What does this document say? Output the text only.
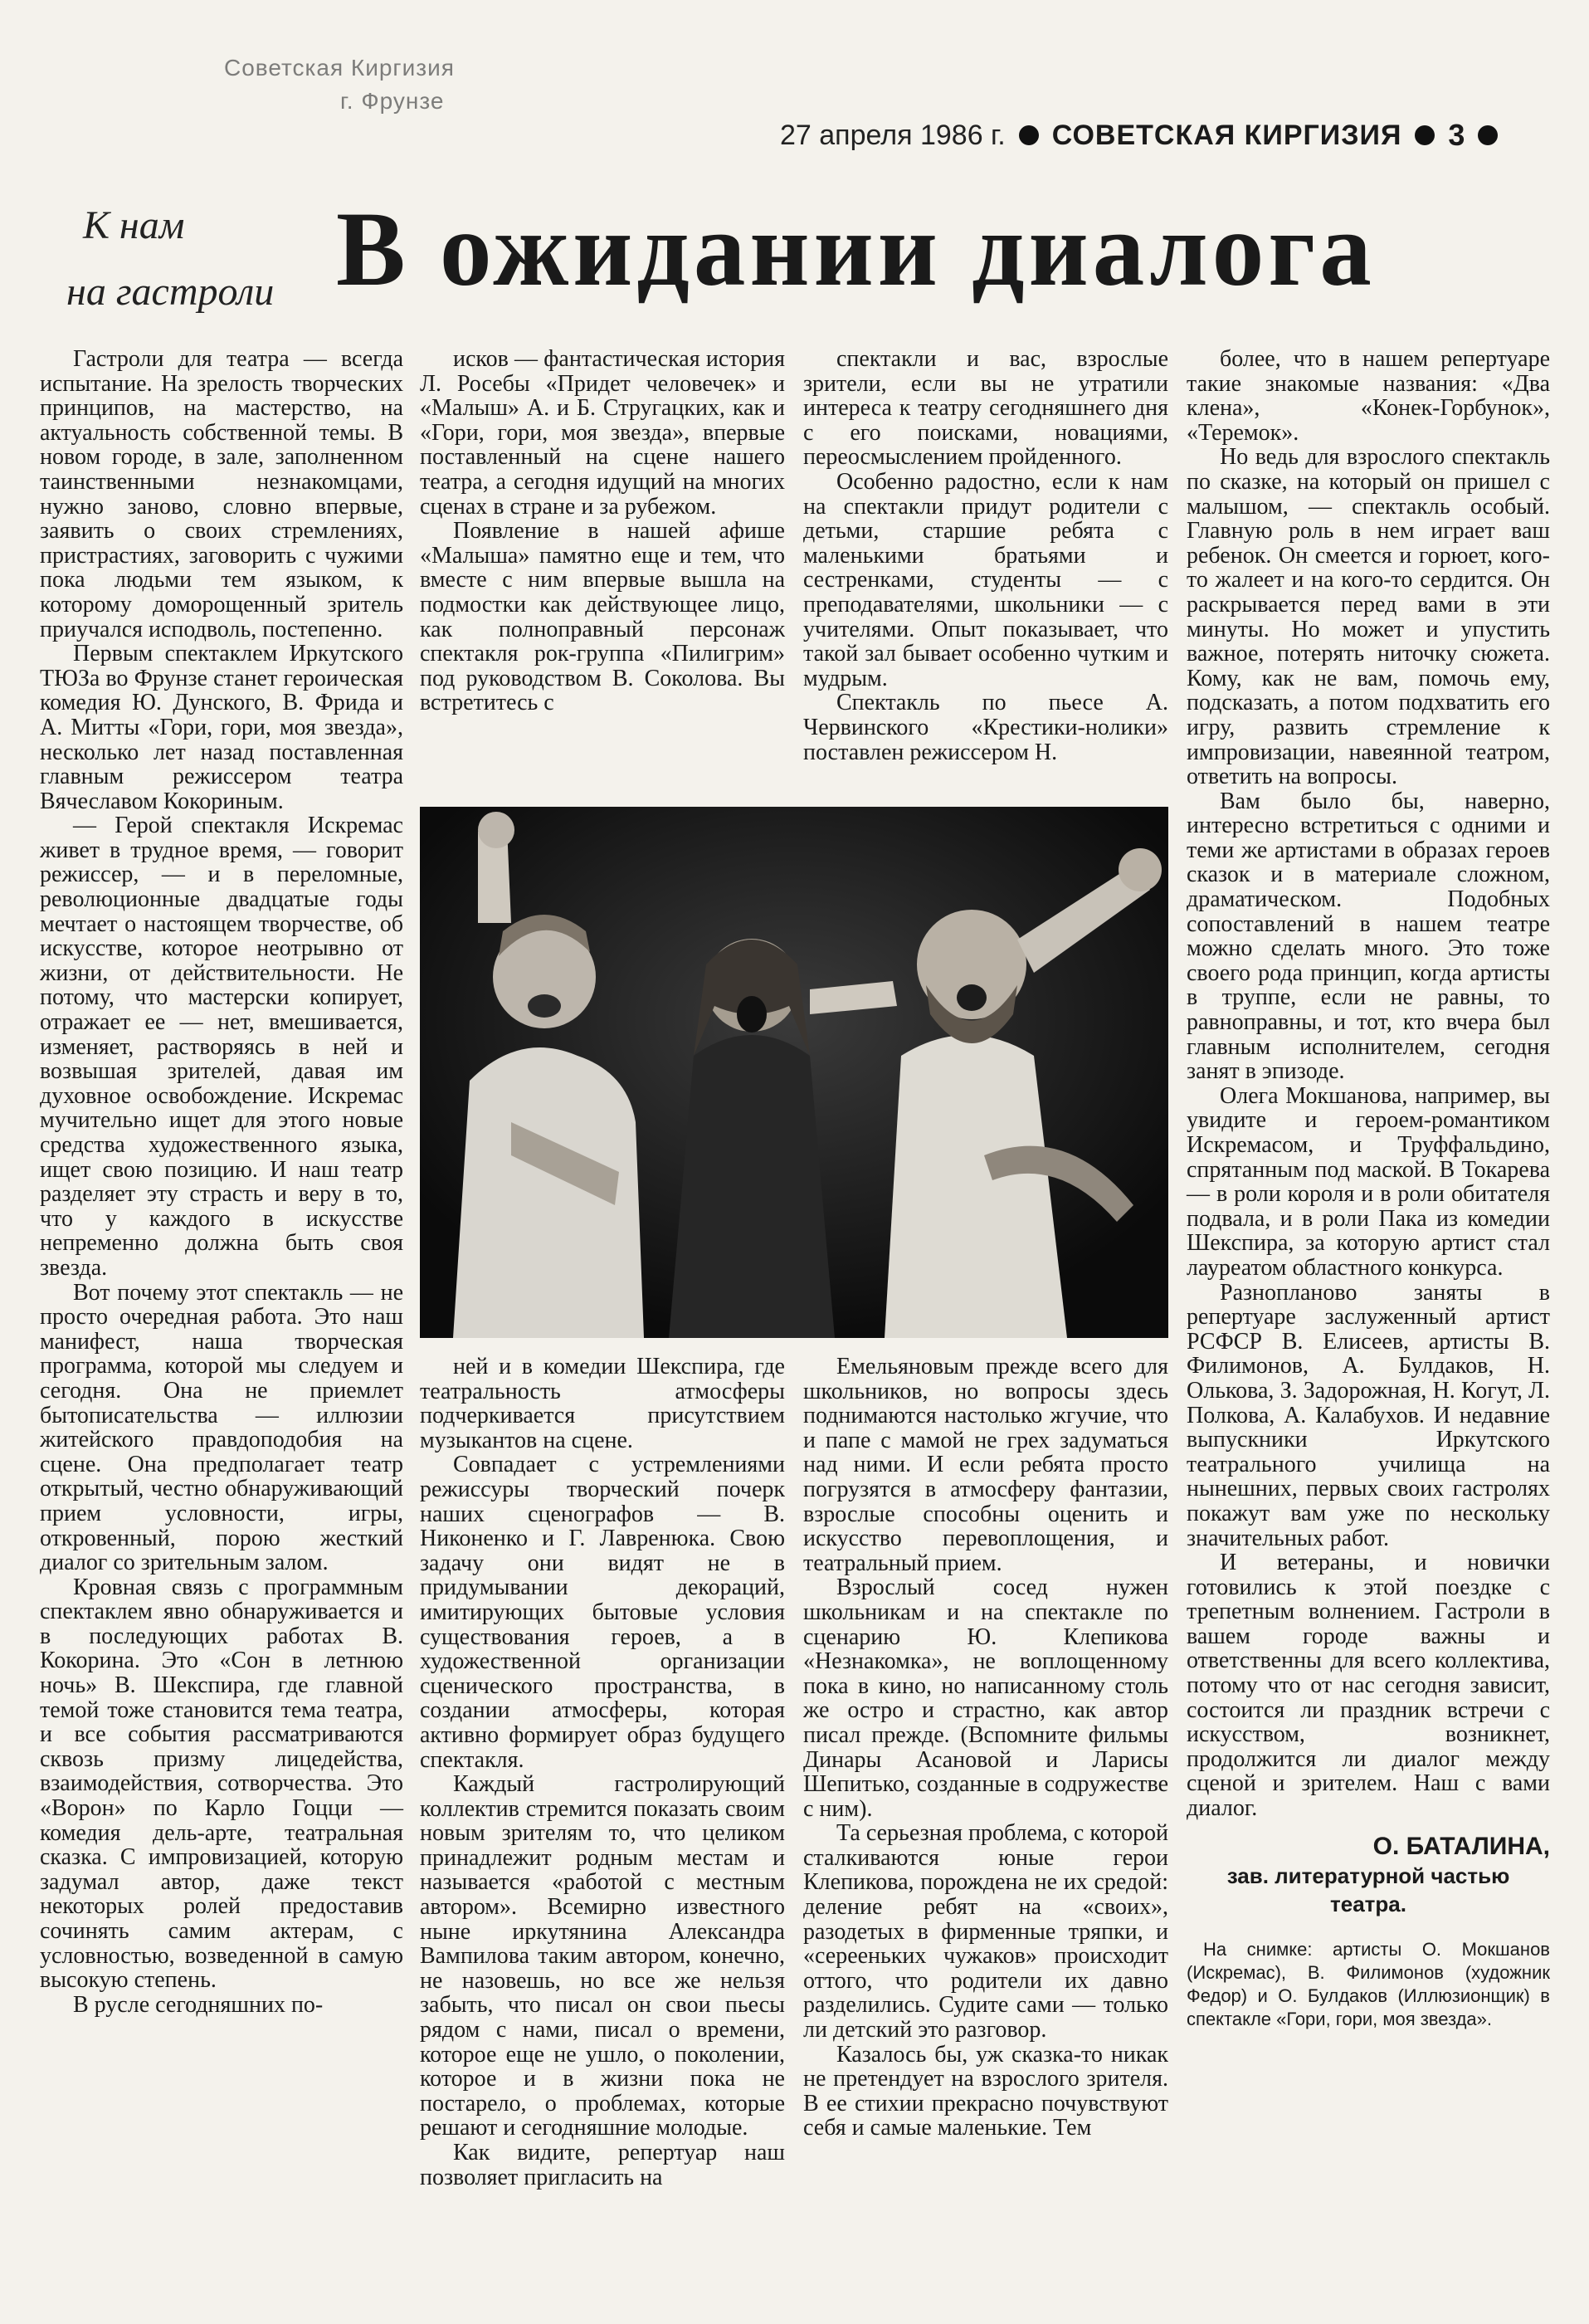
Советская Киргизия
г. Фрунзе
27 апреля 1986 г. СОВЕТСКАЯ КИРГИЗИЯ 3
К нам
на гастроли В ожидании диалога

Гастроли для театра — всегда испытание. На зрелость творческих принципов, на мастерство, на актуальность собственной темы. В новом городе, в зале, заполненном таинственными незнакомцами, нужно заново, словно впервые, заявить о своих стремлениях, пристрастиях, заговорить с чужими пока людьми тем языком, к которому доморощенный зритель приучался исподволь, постепенно.

Первым спектаклем Иркутского ТЮЗа во Фрунзе станет героическая комедия Ю. Дунского, В. Фрида и А. Митты «Гори, гори, моя звезда», несколько лет назад поставленная главным режиссером театра Вячеславом Кокориным.

— Герой спектакля Искремас живет в трудное время, — говорит режиссер, — и в переломные, революционные двадцатые годы мечтает о настоящем творчестве, об искусстве, которое неотрывно от жизни, от действительности. Не потому, что мастерски копирует, отражает ее — нет, вмешивается, изменяет, растворяясь в ней и возвышая зрителей, давая им духовное освобождение. Искремас мучительно ищет для этого новые средства художественного языка, ищет свою позицию. И наш театр разделяет эту страсть и веру в то, что у каждого в искусстве непременно должна быть своя звезда.

Вот почему этот спектакль — не просто очередная работа. Это наш манифест, наша творческая программа, которой мы следуем и сегодня. Она не приемлет бытописательства — иллюзии житейского правдоподобия на сцене. Она предполагает театр открытый, честно обнаруживающий прием условности, игры, откровенный, порою жесткий диалог со зрительным залом.

Кровная связь с программным спектаклем явно обнаруживается и в последующих работах В. Кокорина. Это «Сон в летнюю ночь» В. Шекспира, где главной темой тоже становится тема театра, и все события рассматриваются сквозь призму лицедейства, взаимодействия, сотворчества. Это «Ворон» по Карло Гоцци — комедия дель-арте, театральная сказка. С импровизацией, которую задумал автор, даже текст некоторых ролей предоставив сочинять самим актерам, с условностью, возведенной в самую высокую степень.

В русле сегодняшних по-

исков — фантастическая история Л. Росебы «Придет человечек» и «Малыш» А. и Б. Стругацких, как и «Гори, гори, моя звезда», впервые поставленный на сцене нашего театра, а сегодня идущий на многих сценах в стране и за рубежом.

Появление в нашей афише «Малыша» памятно еще и тем, что вместе с ним впервые вышла на подмостки как действующее лицо, как полноправный персонаж спектакля рок-группа «Пилигрим» под руководством В. Соколова. Вы встретитесь с

спектакли и вас, взрослые зрители, если вы не утратили интереса к театру сегодняшнего дня с его поисками, новациями, переосмыслением пройденного.

Особенно радостно, если к нам на спектакли придут родители с детьми, старшие ребята с маленькими братьями и сестренками, студенты — с преподавателями, школьники — с учителями. Опыт показывает, что такой зал бывает особенно чутким и мудрым.

Спектакль по пьесе А. Червинского «Крестики-нолики» поставлен режиссером Н.

ней и в комедии Шекспира, где театральность атмосферы подчеркивается присутствием музыкантов на сцене.

Совпадает с устремлениями режиссуры творческий почерк наших сценографов — В. Никоненко и Г. Лавренюка. Свою задачу они видят не в придумывании декораций, имитирующих бытовые условия существования героев, а в художественной организации сценического пространства, в создании атмосферы, которая активно формирует образ будущего спектакля.

Каждый гастролирующий коллектив стремится показать своим новым зрителям то, что целиком принадлежит родным местам и называется «работой с местным автором». Всемирно известного ныне иркутянина Александра Вампилова таким автором, конечно, не назовешь, но все же нельзя забыть, что писал он свои пьесы рядом с нами, писал о времени, которое еще не ушло, о поколении, которое и в жизни пока не постарело, о проблемах, которые решают и сегодняшние молодые.

Как видите, репертуар наш позволяет пригласить на

Емельяновым прежде всего для школьников, но вопросы здесь поднимаются настолько жгучие, что и папе с мамой не грех задуматься над ними. И если ребята просто погрузятся в атмосферу фантазии, взрослые способны оценить и искусство перевоплощения, и театральный прием.

Взрослый сосед нужен школьникам и на спектакле по сценарию Ю. Клепикова «Незнакомка», не воплощенному пока в кино, но написанному столь же остро и страстно, как автор писал прежде. (Вспомните фильмы Динары Асановой и Ларисы Шепитько, созданные в содружестве с ним).

Та серьезная проблема, с которой сталкиваются юные герои Клепикова, порождена не их средой: деление ребят на «своих», разодетых в фирменные тряпки, и «серееньких чужаков» происходит оттого, что родители их давно разделились. Судите сами — только ли детский это разговор.

Казалось бы, уж сказка-то никак не претендует на взрослого зрителя. В ее стихии прекрасно почувствуют себя и самые маленькие. Тем

более, что в нашем репертуаре такие знакомые названия: «Два клена», «Конек-Горбунок», «Теремок».

Но ведь для взрослого спектакль по сказке, на который он пришел с малышом, — спектакль особый. Главную роль в нем играет ваш ребенок. Он смеется и горюет, кого-то жалеет и на кого-то сердится. Он раскрывается перед вами в эти минуты. Но может и упустить важное, потерять ниточку сюжета. Кому, как не вам, помочь ему, подсказать, а потом подхватить его игру, развить стремление к импровизации, навеянной театром, ответить на вопросы.

Вам было бы, наверно, интересно встретиться с одними и теми же артистами в образах героев сказок и в материале сложном, драматическом. Подобных сопоставлений в нашем театре можно сделать много. Это тоже своего рода принцип, когда артисты в труппе, если не равны, то равноправны, и тот, кто вчера был главным исполнителем, сегодня занят в эпизоде.

Олега Мокшанова, например, вы увидите и героем-романтиком Искремасом, и Труффальдино, спрятанным под маской. В Токарева — в роли короля и в роли обитателя подвала, и в роли Пака из комедии Шекспира, за которую артист стал лауреатом областного конкурса.

Разнопланово заняты в репертуаре заслуженный артист РСФСР В. Елисеев, артисты В. Филимонов, А. Булдаков, Н. Олькова, З. Задорожная, Н. Когут, Л. Полкова, А. Калабухов. И недавние выпускники Иркутского театрального училища на нынешних, первых своих гастролях покажут вам уже по нескольку значительных работ.

И ветераны, и новички готовились к этой поездке с трепетным волнением. Гастроли в вашем городе важны и ответственны для всего коллектива, потому что от нас сегодня зависит, состоится ли праздник встречи с искусством, возникнет, продолжится ли диалог между сценой и зрителем. Наш с вами диалог.

О. БАТАЛИНА,

зав. литературной частью театра.

На снимке: артисты О. Мокшанов (Искремас), В. Филимонов (художник Федор) и О. Булдаков (Иллюзионщик) в спектакле «Гори, гори, моя звезда».
